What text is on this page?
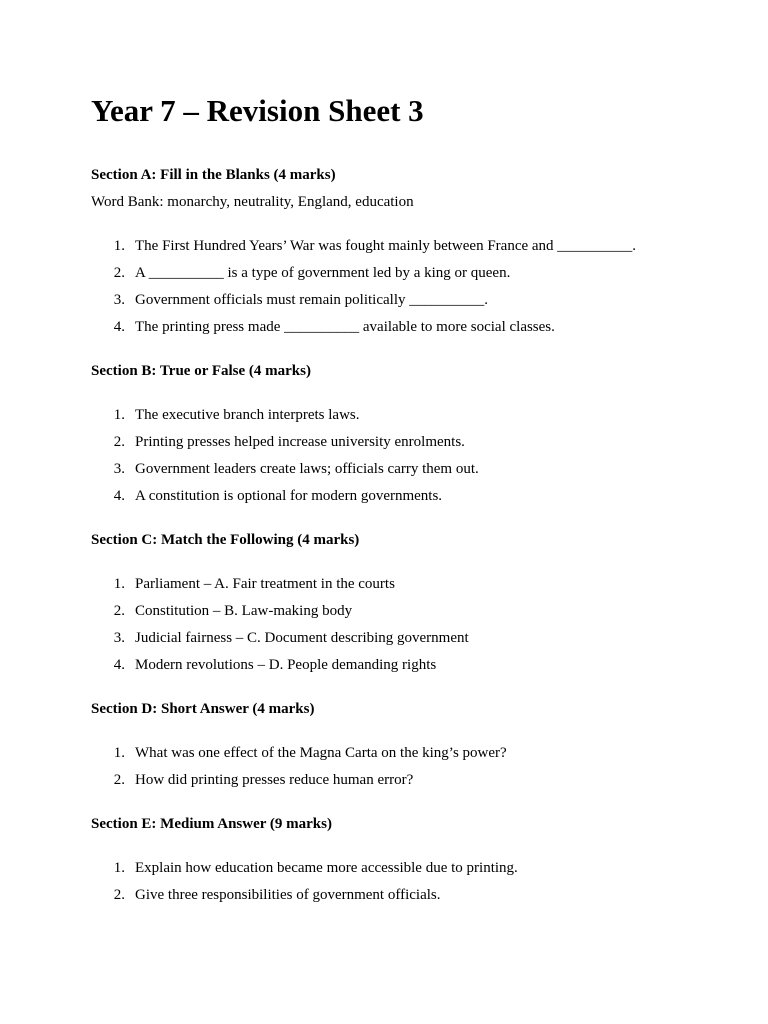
Year 7 – Revision Sheet 3

Section A: Fill in the Blanks (4 marks)

Word Bank: monarchy, neutrality, England, education

1. The First Hundred Years’ War was fought mainly between France and __________.
2. A __________ is a type of government led by a king or queen.
3. Government officials must remain politically __________.
4. The printing press made __________ available to more social classes.

Section B: True or False (4 marks)

1. The executive branch interprets laws.
2. Printing presses helped increase university enrolments.
3. Government leaders create laws; officials carry them out.
4. A constitution is optional for modern governments.

Section C: Match the Following (4 marks)

1. Parliament – A. Fair treatment in the courts
2. Constitution – B. Law-making body
3. Judicial fairness – C. Document describing government
4. Modern revolutions – D. People demanding rights

Section D: Short Answer (4 marks)

1. What was one effect of the Magna Carta on the king’s power?
2. How did printing presses reduce human error?

Section E: Medium Answer (9 marks)

1. Explain how education became more accessible due to printing.
2. Give three responsibilities of government officials.
